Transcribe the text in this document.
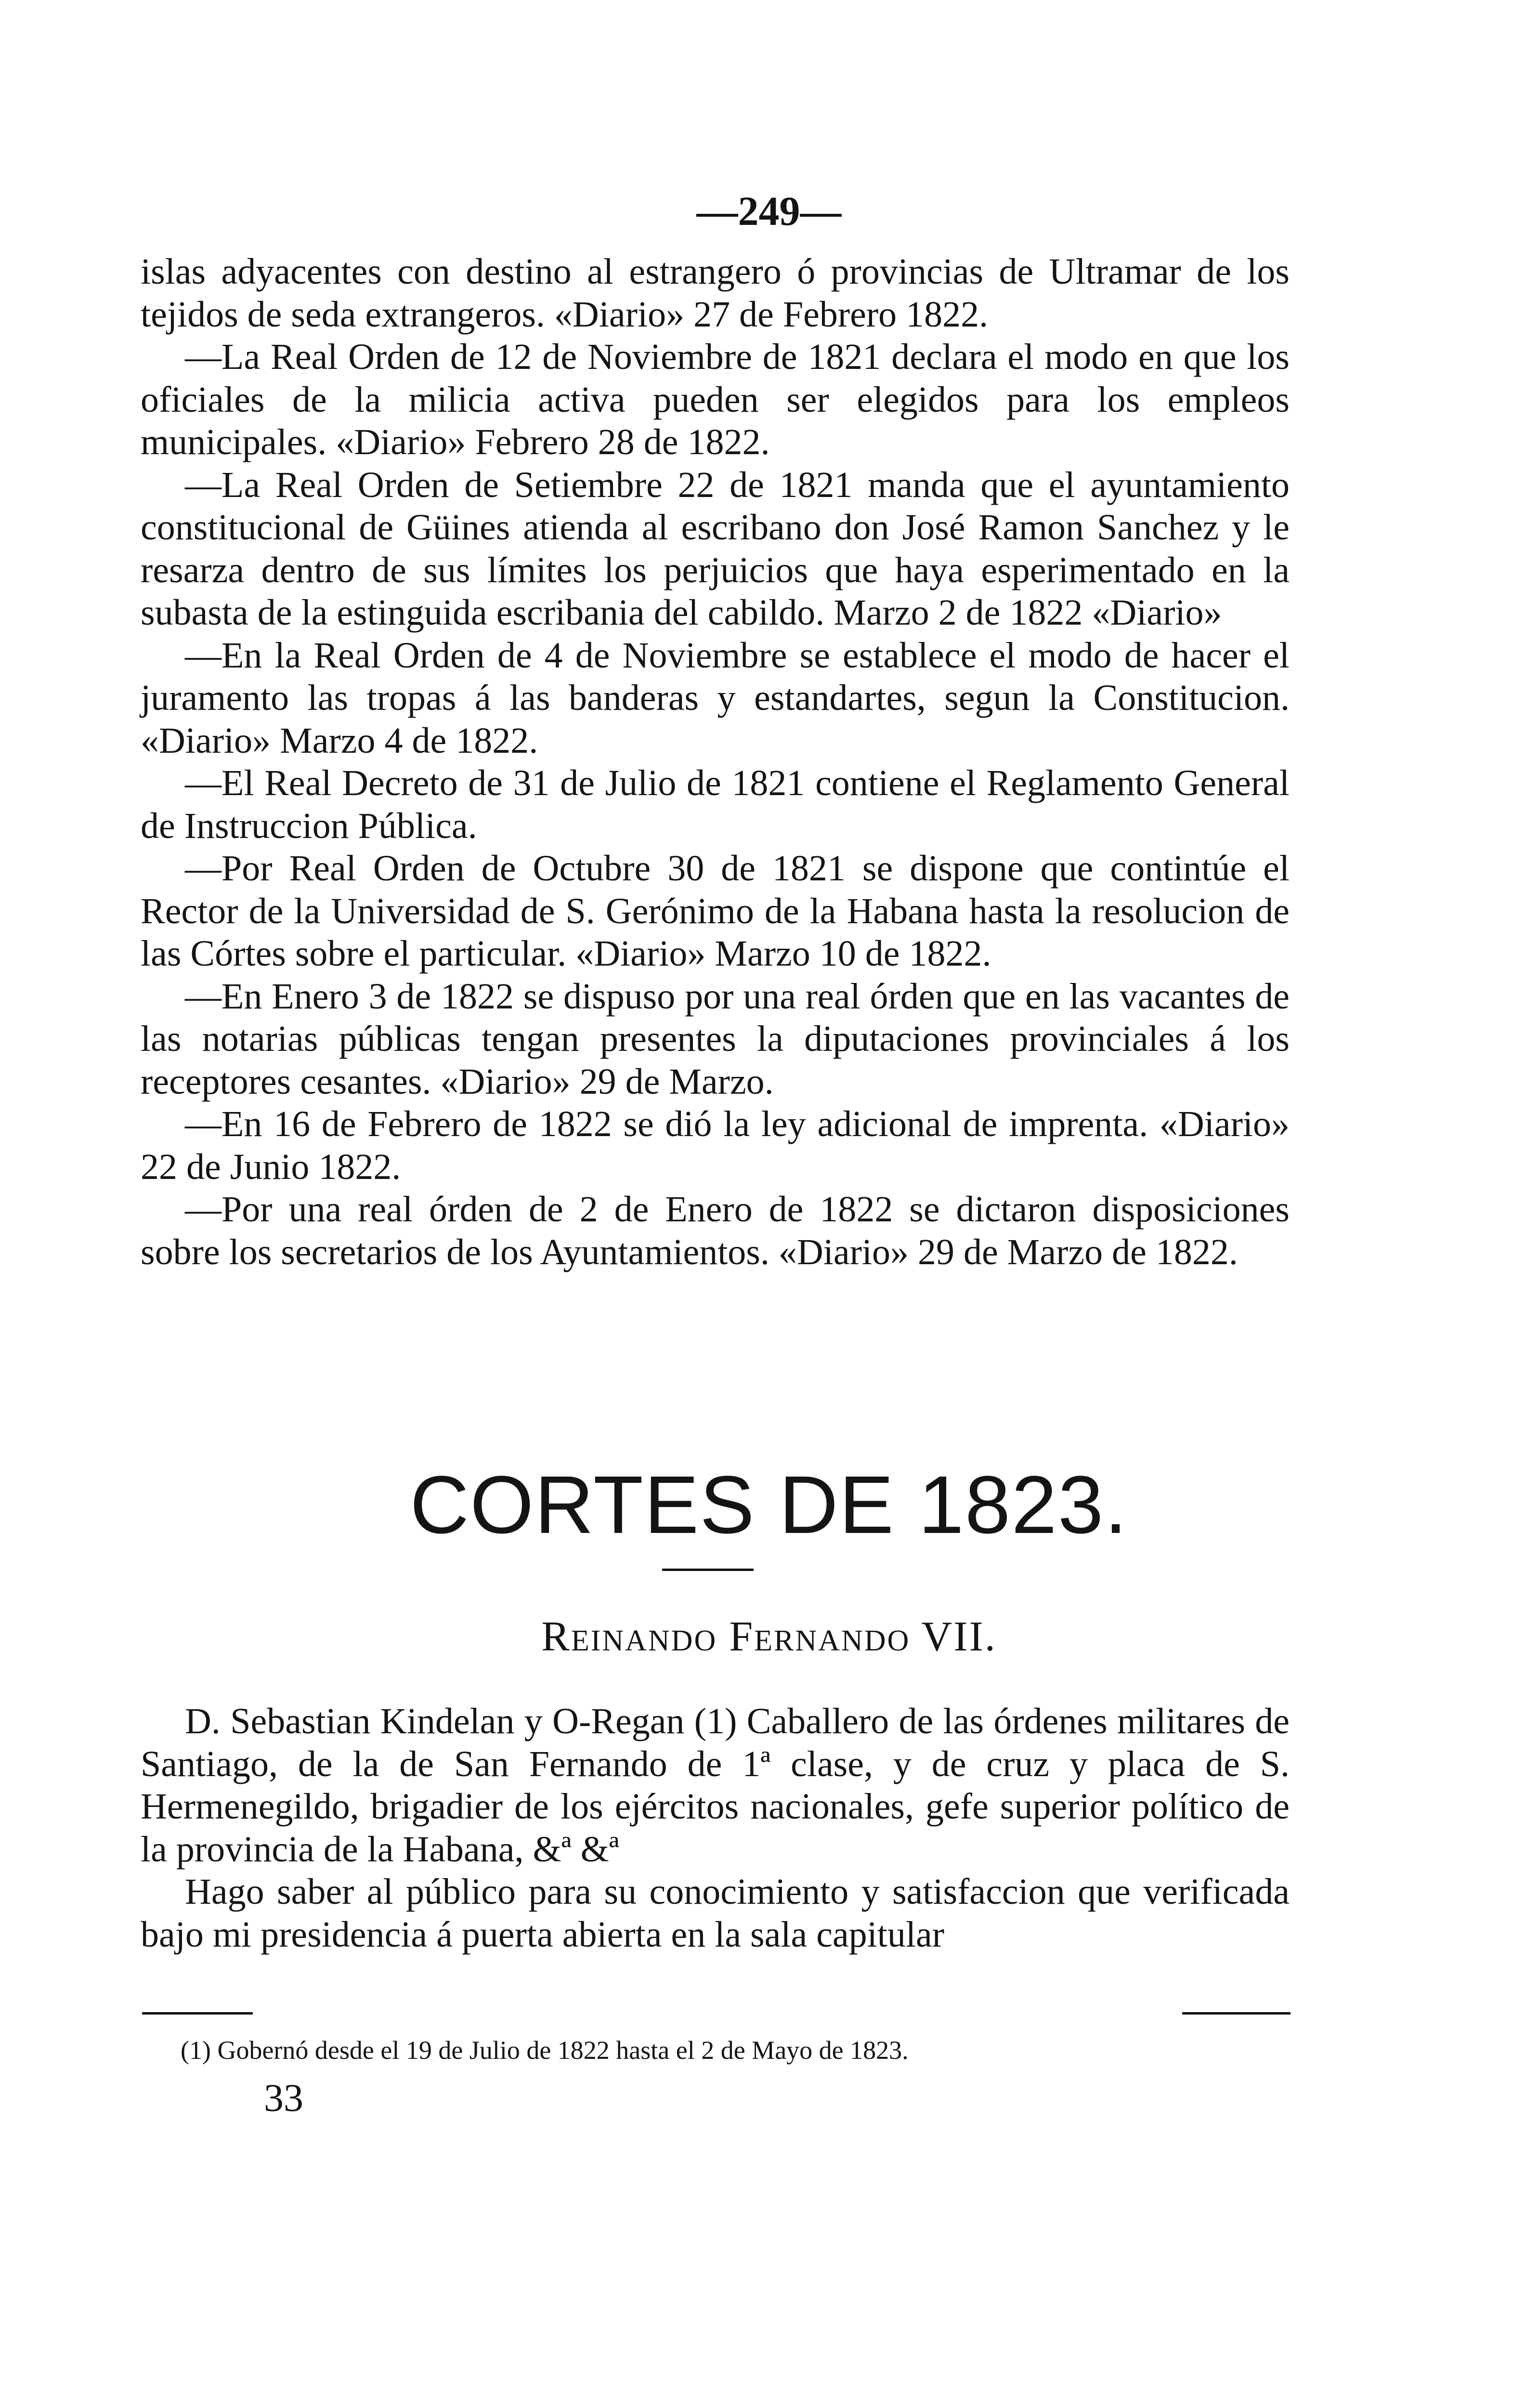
—249—

islas adyacentes con destino al estrangero ó provincias de Ultramar de los tejidos de seda extrangeros. «Diario» 27 de Febrero 1822.

—La Real Orden de 12 de Noviembre de 1821 declara el modo en que los oficiales de la milicia activa pueden ser elegidos para los empleos municipales. «Diario» Febrero 28 de 1822.

—La Real Orden de Setiembre 22 de 1821 manda que el ayuntamiento constitucional de Güines atienda al escribano don José Ramon Sanchez y le resarza dentro de sus límites los perjuicios que haya esperimentado en la subasta de la estinguida escribania del cabildo. Marzo 2 de 1822 «Diario»

—En la Real Orden de 4 de Noviembre se establece el modo de hacer el juramento las tropas á las banderas y estandartes, segun la Constitucion. «Diario» Marzo 4 de 1822.

—El Real Decreto de 31 de Julio de 1821 contiene el Reglamento General de Instruccion Pública.

—Por Real Orden de Octubre 30 de 1821 se dispone que contintúe el Rector de la Universidad de S. Gerónimo de la Habana hasta la resolucion de las Córtes sobre el particular. «Diario» Marzo 10 de 1822.

—En Enero 3 de 1822 se dispuso por una real órden que en las vacantes de las notarias públicas tengan presentes la diputaciones provinciales á los receptores cesantes. «Diario» 29 de Marzo.

—En 16 de Febrero de 1822 se dió la ley adicional de imprenta. «Diario» 22 de Junio 1822.

—Por una real órden de 2 de Enero de 1822 se dictaron disposiciones sobre los secretarios de los Ayuntamientos. «Diario» 29 de Marzo de 1822.

CORTES DE 1823.
Reinando Fernando VII.

D. Sebastian Kindelan y O-Regan (1) Caballero de las órdenes militares de Santiago, de la de San Fernando de 1ª clase, y de cruz y placa de S. Hermenegildo, brigadier de los ejércitos nacionales, gefe superior político de la provincia de la Habana, &ª &ª

Hago saber al público para su conocimiento y satisfaccion que verificada bajo mi presidencia á puerta abierta en la sala capitular

(1) Gobernó desde el 19 de Julio de 1822 hasta el 2 de Mayo de 1823.
33
